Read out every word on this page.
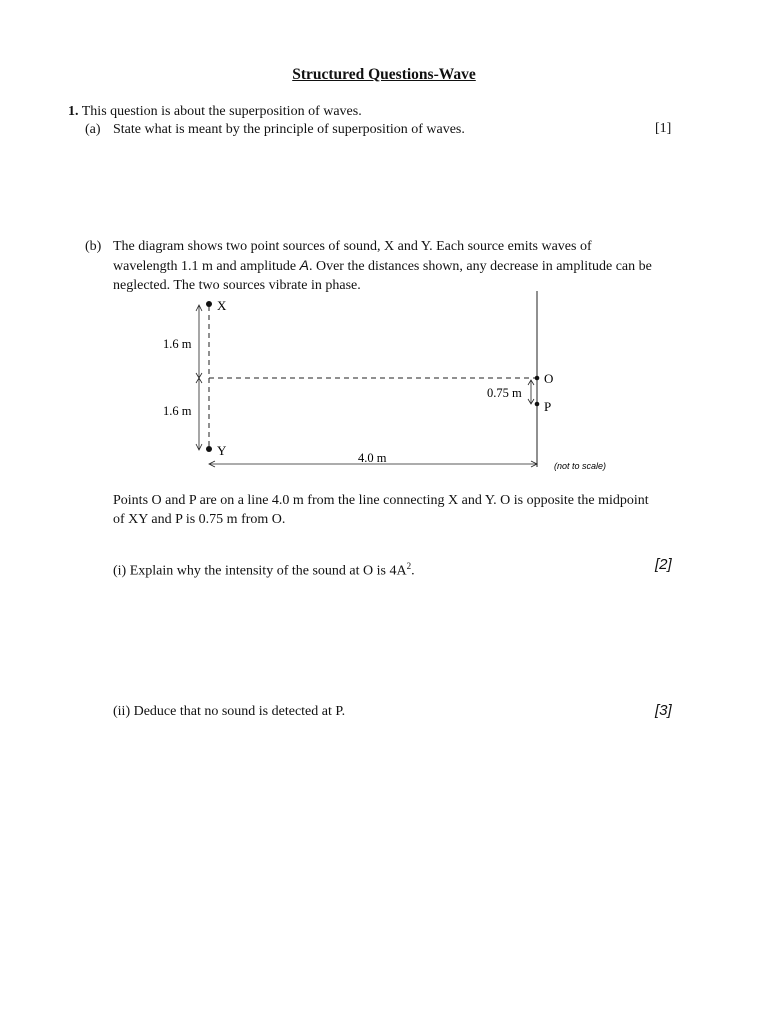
Structured Questions-Wave
1. This question is about the superposition of waves.
(a) State what is meant by the principle of superposition of waves.	[1]
(b) The diagram shows two point sources of sound, X and Y. Each source emits waves of
wavelength 1.1 m and amplitude A. Over the distances shown, any decrease in amplitude can be
neglected. The two sources vibrate in phase.
X
Y
O
P
1.6 m
1.6 m
4.0 m
0.75 m
(not to scale)
Points O and P are on a line 4.0 m from the line connecting X and Y. O is opposite the midpoint
of XY and P is 0.75 m from O.
(i) Explain why the intensity of the sound at O is $4A^2$.	[2]
(ii) Deduce that no sound is detected at P.	[3]
